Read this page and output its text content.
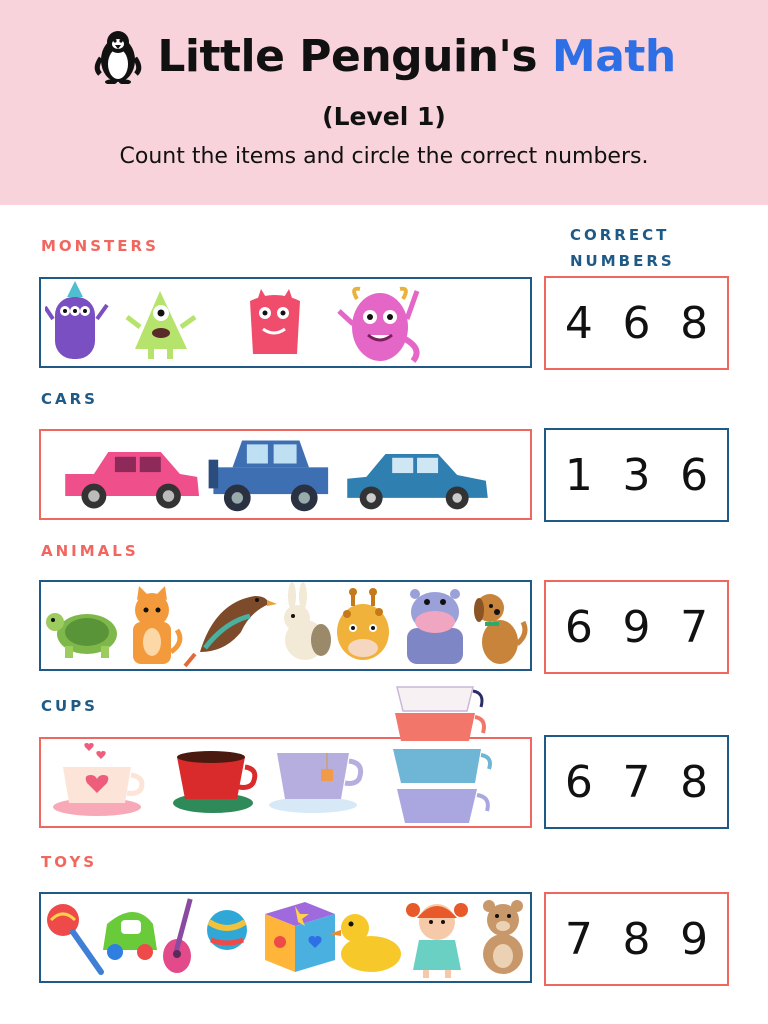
Little Penguin's Math
(Level 1)
Count the items and circle the correct numbers.
CORRECT
NUMBERS
MONSTERS
4 6 8
CARS
1 3 6
ANIMALS
6 9 7
CUPS
6 7 8
TOYS
7 8 9
